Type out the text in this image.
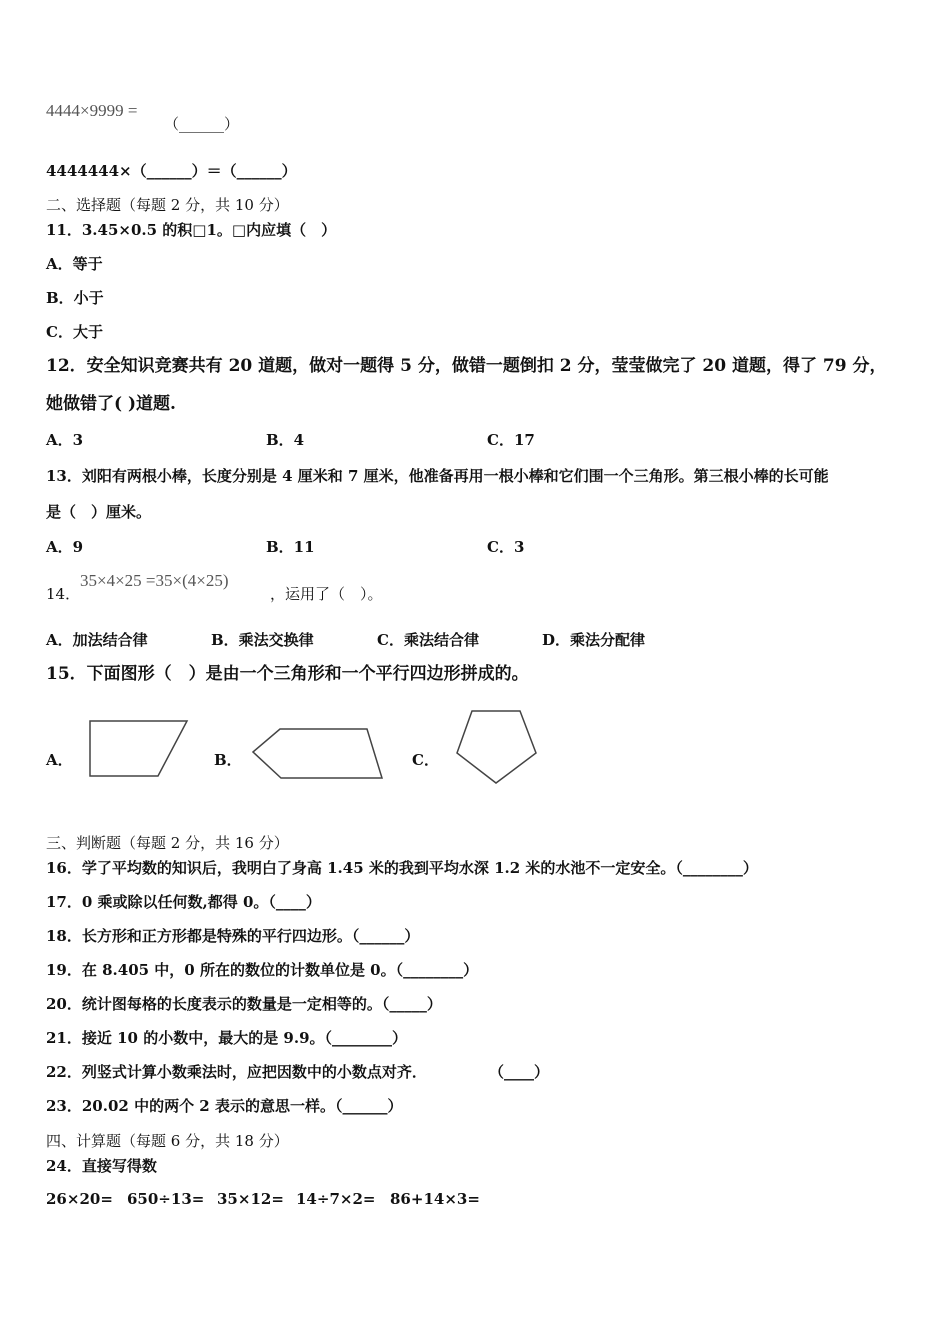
4444×9999 =
（______）
4444444×（______）＝（______）
二、选择题（每题 2 分，共 10 分）
11．3.45×0.5 的积□1。□内应填（　）
A．等于
B．小于
C．大于
12．安全知识竞赛共有 20 道题，做对一题得 5 分，做错一题倒扣 2 分，莹莹做完了 20 道题，得了 79 分，
她做错了( )道题.
A．3	B．4	C．17
13．刘阳有两根小棒，长度分别是 4 厘米和 7 厘米，他准备再用一根小棒和它们围一个三角形。第三根小棒的长可能
是（　）厘米。
A．9	B．11	C．3
14．
35×4×25 =35×(4×25)
，运用了（　）。
A．加法结合律	B．乘法交换律	C．乘法结合律	D．乘法分配律
15．下面图形（　）是由一个三角形和一个平行四边形拼成的。
A．	B．	C．
三、判断题（每题 2 分，共 16 分）
16．学了平均数的知识后，我明白了身高 1.45 米的我到平均水深 1.2 米的水池不一定安全。（________）
17．0 乘或除以任何数,都得 0。（____）
18．长方形和正方形都是特殊的平行四边形。（______）
19．在 8.405 中，0 所在的数位的计数单位是 0。（________）
20．统计图每格的长度表示的数量是一定相等的。（_____）
21．接近 10 的小数中，最大的是 9.9。（________）
22．列竖式计算小数乘法时，应把因数中的小数点对齐．	（____）
23．20.02 中的两个 2 表示的意思一样。（______）
四、计算题（每题 6 分，共 18 分）
24．直接写得数
26×20= 650÷13= 35×12= 14÷7×2= 86+14×3=
